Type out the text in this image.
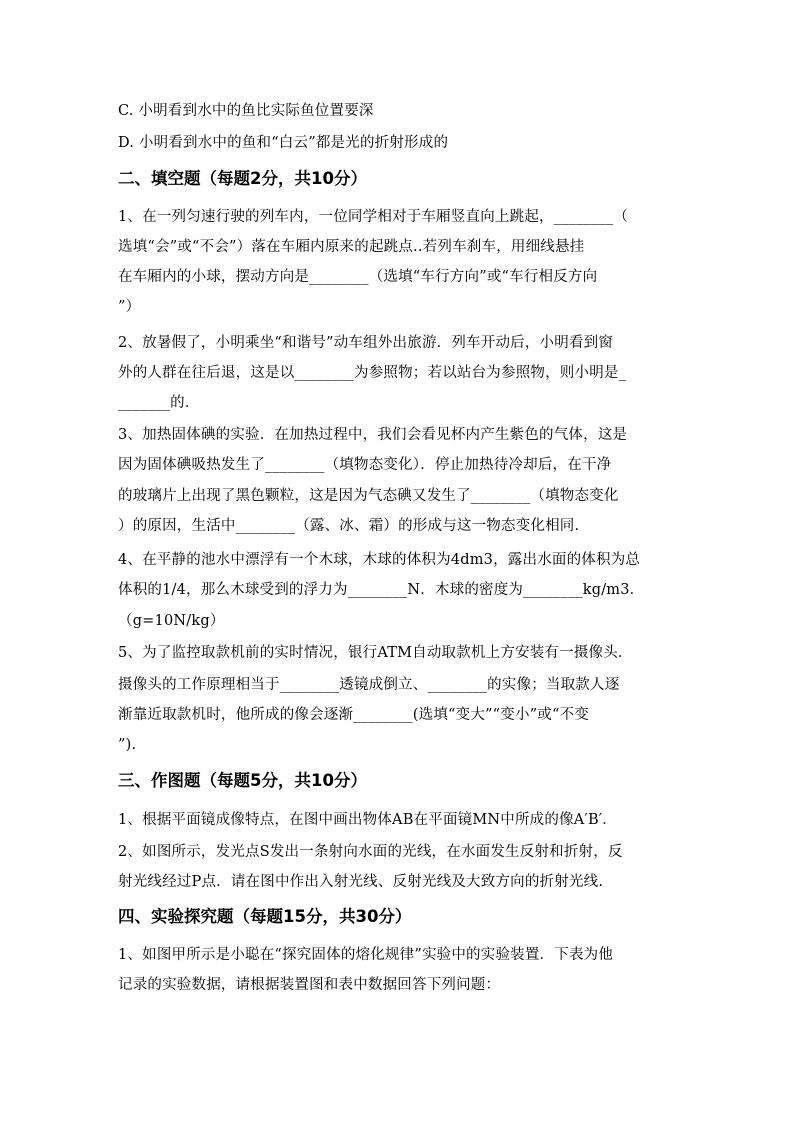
C. 小明看到水中的鱼比实际鱼位置要深
D. 小明看到水中的鱼和“白云”都是光的折射形成的
二、填空题（每题2分，共10分）
1、在一列匀速行驶的列车内，一位同学相对于车厢竖直向上跳起，________（
选填“会”或“不会”）落在车厢内原来的起跳点..若列车刹车，用细线悬挂
在车厢内的小球，摆动方向是________（选填“车行方向”或“车行相反方向
”）
2、放暑假了，小明乘坐“和谐号”动车组外出旅游．列车开动后，小明看到窗
外的人群在往后退，这是以________为参照物；若以站台为参照物，则小明是_
_______的．
3、加热固体碘的实验．在加热过程中，我们会看见杯内产生紫色的气体，这是
因为固体碘吸热发生了________（填物态变化）．停止加热待冷却后，在干净
的玻璃片上出现了黑色颗粒，这是因为气态碘又发生了________（填物态变化
）的原因，生活中________（露、冰、霜）的形成与这一物态变化相同.
4、在平静的池水中漂浮有一个木球，木球的体积为4dm3，露出水面的体积为总
体积的1/4，那么木球受到的浮力为________N．木球的密度为________kg/m3．
（g=10N/kg）
5、为了监控取款机前的实时情况，银行ATM自动取款机上方安装有一摄像头．
摄像头的工作原理相当于________透镜成倒立、________的实像；当取款人逐
渐靠近取款机时，他所成的像会逐渐________(选填“变大”“变小”或“不变
”).
三、作图题（每题5分，共10分）
1、根据平面镜成像特点，在图中画出物体AB在平面镜MN中所成的像A′B′．
2、如图所示，发光点S发出一条射向水面的光线，在水面发生反射和折射，反
射光线经过P点．请在图中作出入射光线、反射光线及大致方向的折射光线.
四、实验探究题（每题15分，共30分）
1、如图甲所示是小聪在“探究固体的熔化规律”实验中的实验装置．下表为他
记录的实验数据，请根据装置图和表中数据回答下列问题：
